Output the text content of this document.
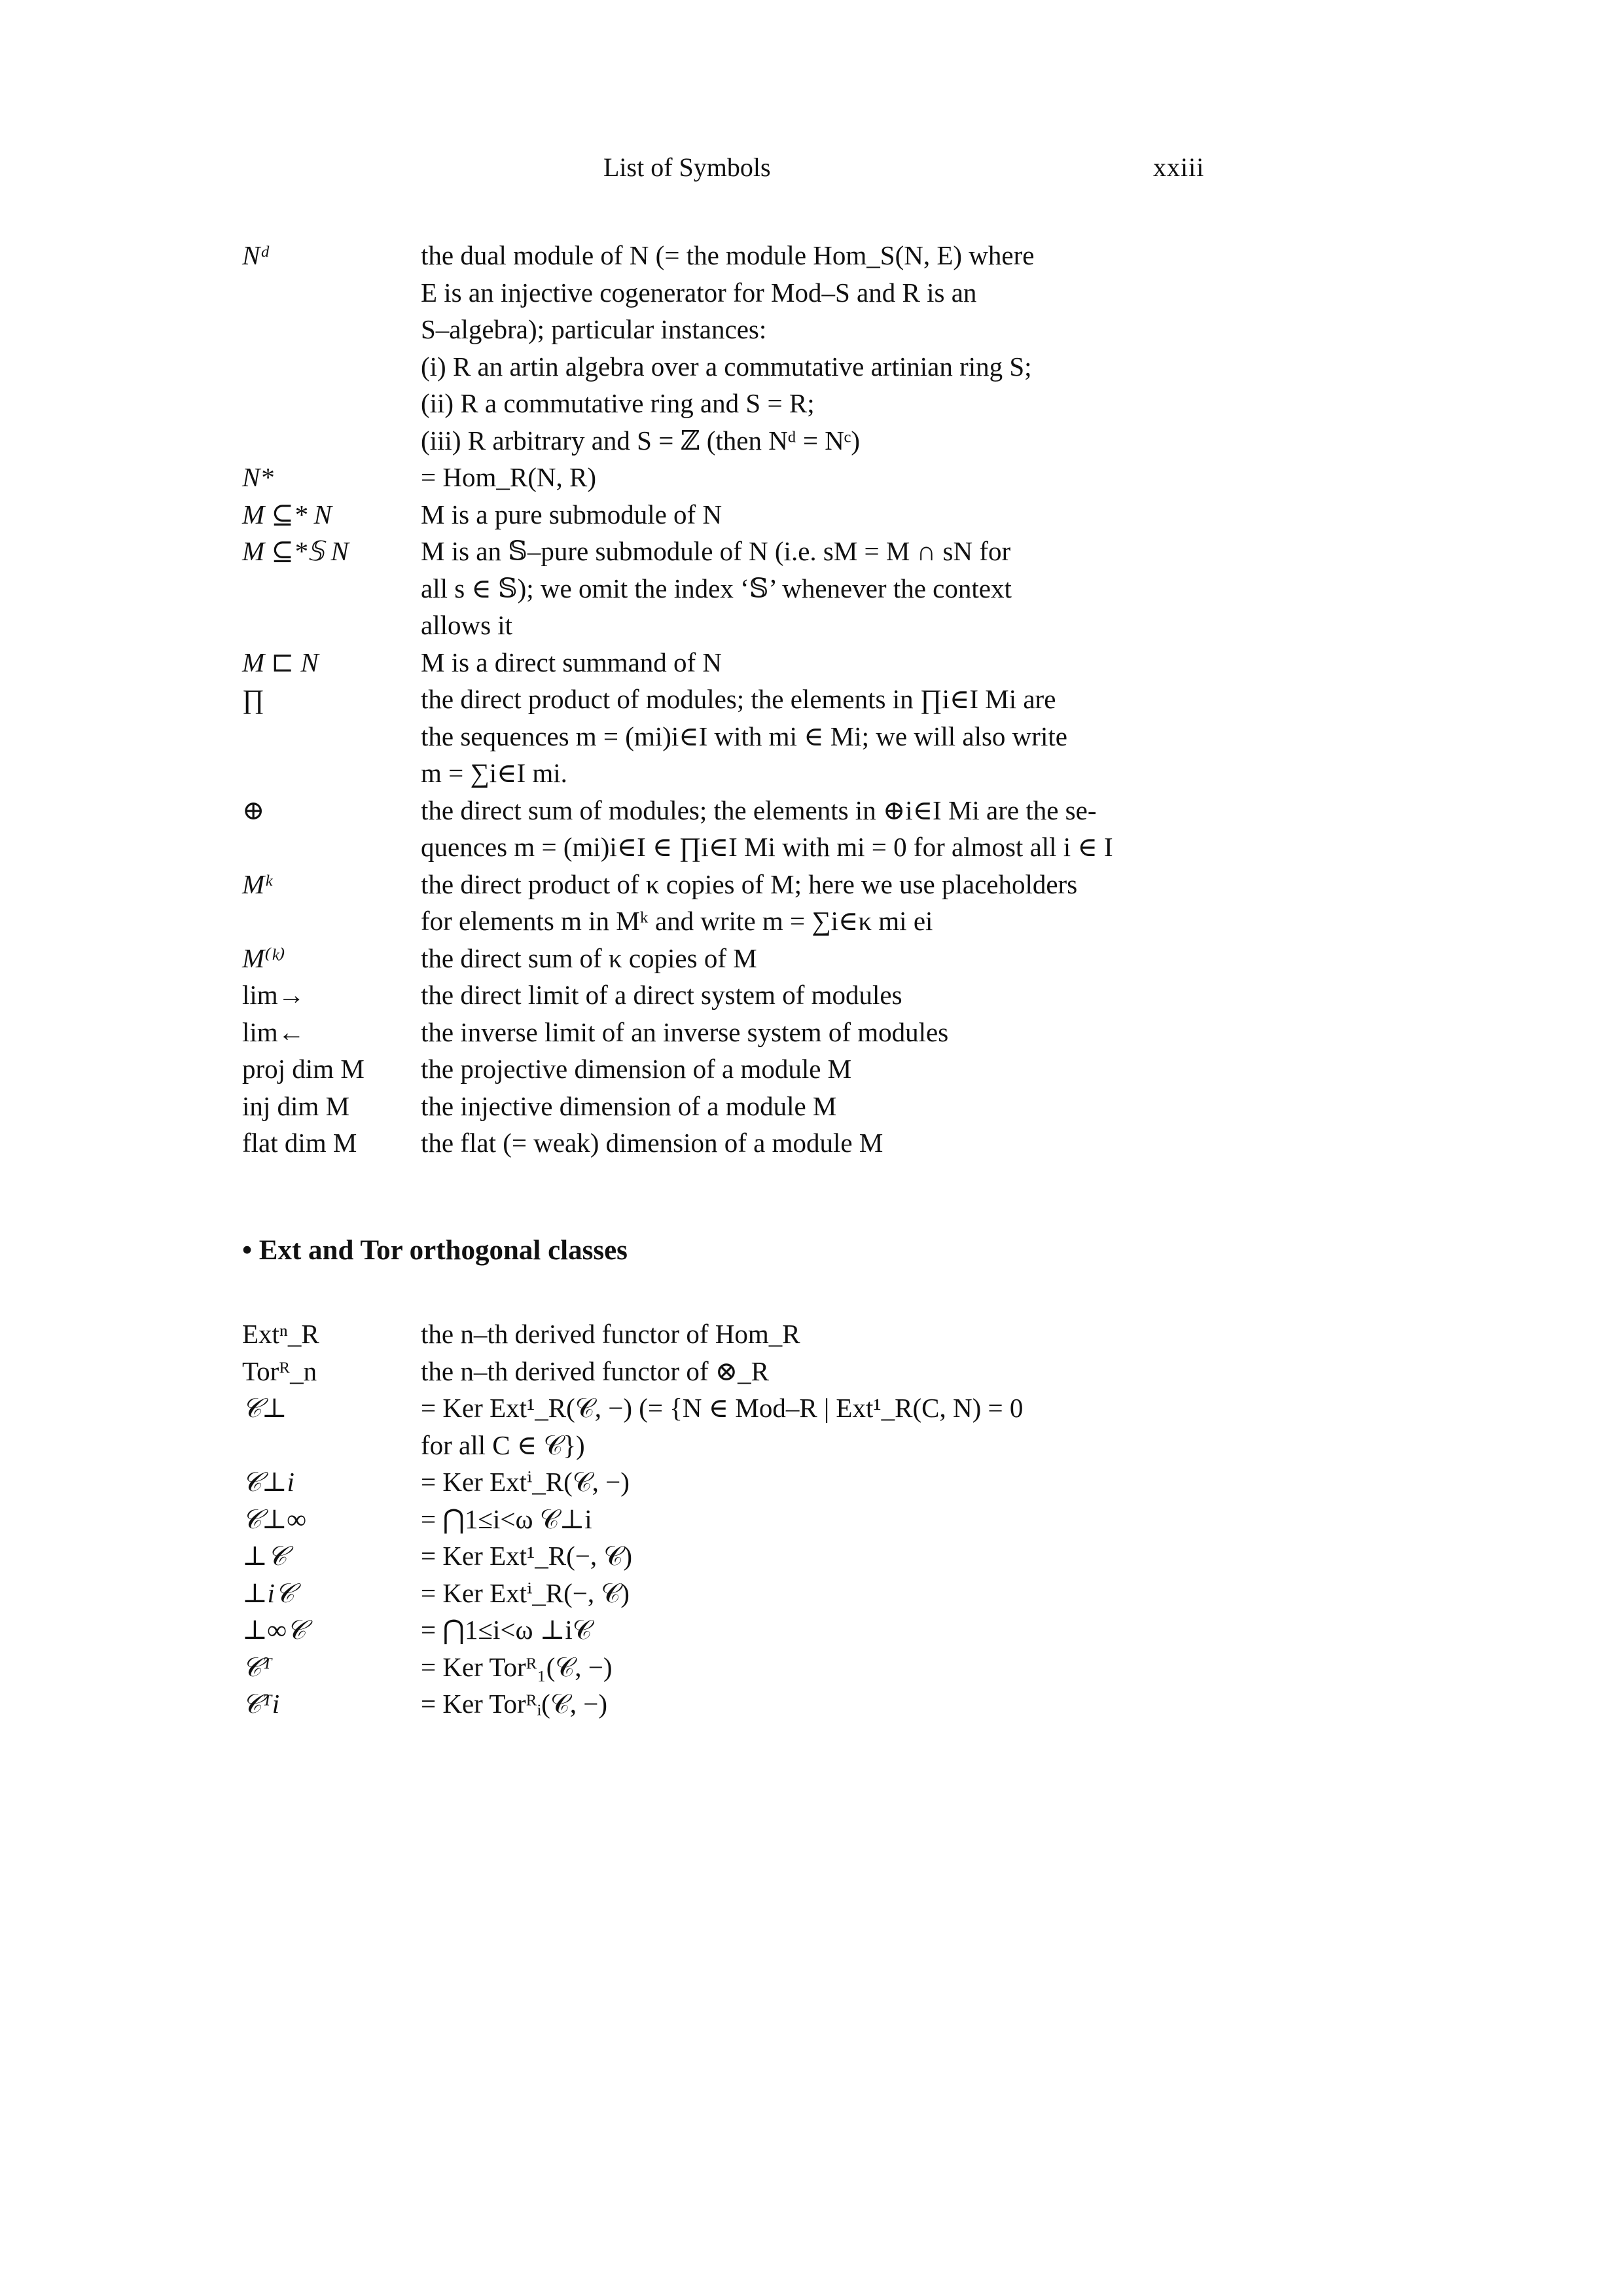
List of Symbols	xxiii
Nᵈ	the dual module of N (= the module Hom_S(N, E) where
E is an injective cogenerator for Mod–S and R is an
S–algebra); particular instances:
(i) R an artin algebra over a commutative artinian ring S;
(ii) R a commutative ring and S = R;
(iii) R arbitrary and S = ℤ (then Nᵈ = Nᶜ)
N*	= Hom_R(N, R)
M ⊆* N	M is a pure submodule of N
M ⊆*𝕊 N	M is an 𝕊–pure submodule of N (i.e. sM = M ∩ sN for
all s ∈ 𝕊); we omit the index ‘𝕊’ whenever the context
allows it
M ⊏ N	M is a direct summand of N
∏	the direct product of modules; the elements in ∏i∈I Mi are
the sequences m = (mi)i∈I with mi ∈ Mi; we will also write
m = ∑i∈I mi.
⊕	the direct sum of modules; the elements in ⊕i∈I Mi are the se-
quences m = (mi)i∈I ∈ ∏i∈I Mi with mi = 0 for almost all i ∈ I
Mᵏ	the direct product of κ copies of M; here we use placeholders
for elements m in Mᵏ and write m = ∑i∈κ mi ei
M⁽ᵏ⁾	the direct sum of κ copies of M
lim→	the direct limit of a direct system of modules
lim←	the inverse limit of an inverse system of modules
proj dim M	the projective dimension of a module M
inj dim M	the injective dimension of a module M
flat dim M	the flat (= weak) dimension of a module M
• Ext and Tor orthogonal classes
Extⁿ_R	the n–th derived functor of Hom_R
Torᴿ_n	the n–th derived functor of ⊗_R
𝒞⊥	= Ker Ext¹_R(𝒞, −) (= {N ∈ Mod–R | Ext¹_R(C, N) = 0
for all C ∈ 𝒞})
𝒞⊥i	= Ker Extⁱ_R(𝒞, −)
𝒞⊥∞	= ⋂1≤i<ω 𝒞⊥i
⊥𝒞	= Ker Ext¹_R(−, 𝒞)
⊥i𝒞	= Ker Extⁱ_R(−, 𝒞)
⊥∞𝒞	= ⋂1≤i<ω ⊥i𝒞
𝒞ᵀ	= Ker Torᴿ₁(𝒞, −)
𝒞ᵀi	= Ker Torᴿᵢ(𝒞, −)
